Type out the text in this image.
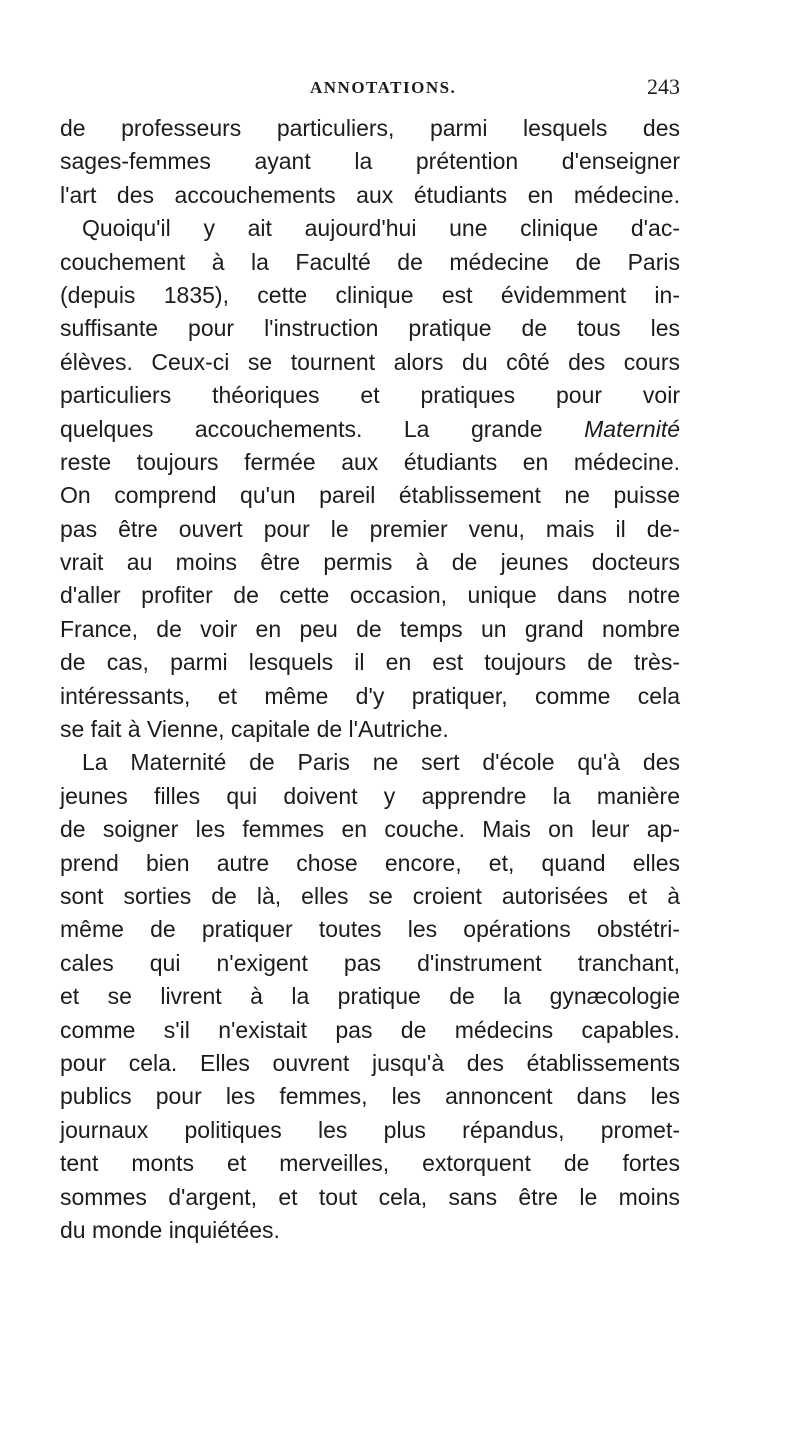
ANNOTATIONS.	243
de professeurs particuliers, parmi lesquels des
sages-femmes ayant la prétention d'enseigner
l'art des accouchements aux étudiants en médecine.
Quoiqu'il y ait aujourd'hui une clinique d'ac-
couchement à la Faculté de médecine de Paris
(depuis 1835), cette clinique est évidemment in-
suffisante pour l'instruction pratique de tous les
élèves. Ceux-ci se tournent alors du côté des cours
particuliers théoriques et pratiques pour voir
quelques accouchements. La grande Maternité
reste toujours fermée aux étudiants en médecine.
On comprend qu'un pareil établissement ne puisse
pas être ouvert pour le premier venu, mais il de-
vrait au moins être permis à de jeunes docteurs
d'aller profiter de cette occasion, unique dans notre
France, de voir en peu de temps un grand nombre
de cas, parmi lesquels il en est toujours de très-
intéressants, et même d'y pratiquer, comme cela
se fait à Vienne, capitale de l'Autriche.
La Maternité de Paris ne sert d'école qu'à des
jeunes filles qui doivent y apprendre la manière
de soigner les femmes en couche. Mais on leur ap-
prend bien autre chose encore, et, quand elles
sont sorties de là, elles se croient autorisées et à
même de pratiquer toutes les opérations obstétri-
cales qui n'exigent pas d'instrument tranchant,
et se livrent à la pratique de la gynæcologie
comme s'il n'existait pas de médecins capables.
pour cela. Elles ouvrent jusqu'à des établissements
publics pour les femmes, les annoncent dans les
journaux politiques les plus répandus, promet-
tent monts et merveilles, extorquent de fortes
sommes d'argent, et tout cela, sans être le moins
du monde inquiétées.
